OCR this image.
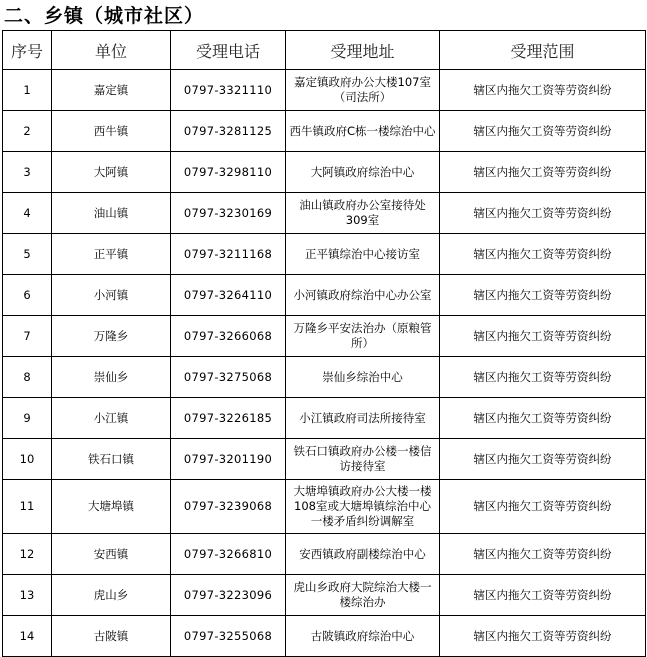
二、乡镇（城市社区）
序号	单位	受理电话	受理地址	受理范围
1	嘉定镇	0797-3321110	嘉定镇政府办公大楼107室（司法所）	辖区内拖欠工资等劳资纠纷
2	西牛镇	0797-3281125	西牛镇政府C栋一楼综治中心	辖区内拖欠工资等劳资纠纷
3	大阿镇	0797-3298110	大阿镇政府综治中心	辖区内拖欠工资等劳资纠纷
4	油山镇	0797-3230169	油山镇政府办公室接待处309室	辖区内拖欠工资等劳资纠纷
5	正平镇	0797-3211168	正平镇综治中心接访室	辖区内拖欠工资等劳资纠纷
6	小河镇	0797-3264110	小河镇政府综治中心办公室	辖区内拖欠工资等劳资纠纷
7	万隆乡	0797-3266068	万隆乡平安法治办（原粮管所）	辖区内拖欠工资等劳资纠纷
8	崇仙乡	0797-3275068	崇仙乡综治中心	辖区内拖欠工资等劳资纠纷
9	小江镇	0797-3226185	小江镇政府司法所接待室	辖区内拖欠工资等劳资纠纷
10	铁石口镇	0797-3201190	铁石口镇政府办公楼一楼信访接待室	辖区内拖欠工资等劳资纠纷
11	大塘埠镇	0797-3239068	大塘埠镇政府办公大楼一楼108室或大塘埠镇综治中心一楼矛盾纠纷调解室	辖区内拖欠工资等劳资纠纷
12	安西镇	0797-3266810	安西镇政府副楼综治中心	辖区内拖欠工资等劳资纠纷
13	虎山乡	0797-3223096	虎山乡政府大院综治大楼一楼综治办	辖区内拖欠工资等劳资纠纷
14	古陂镇	0797-3255068	古陂镇政府综治中心	辖区内拖欠工资等劳资纠纷
